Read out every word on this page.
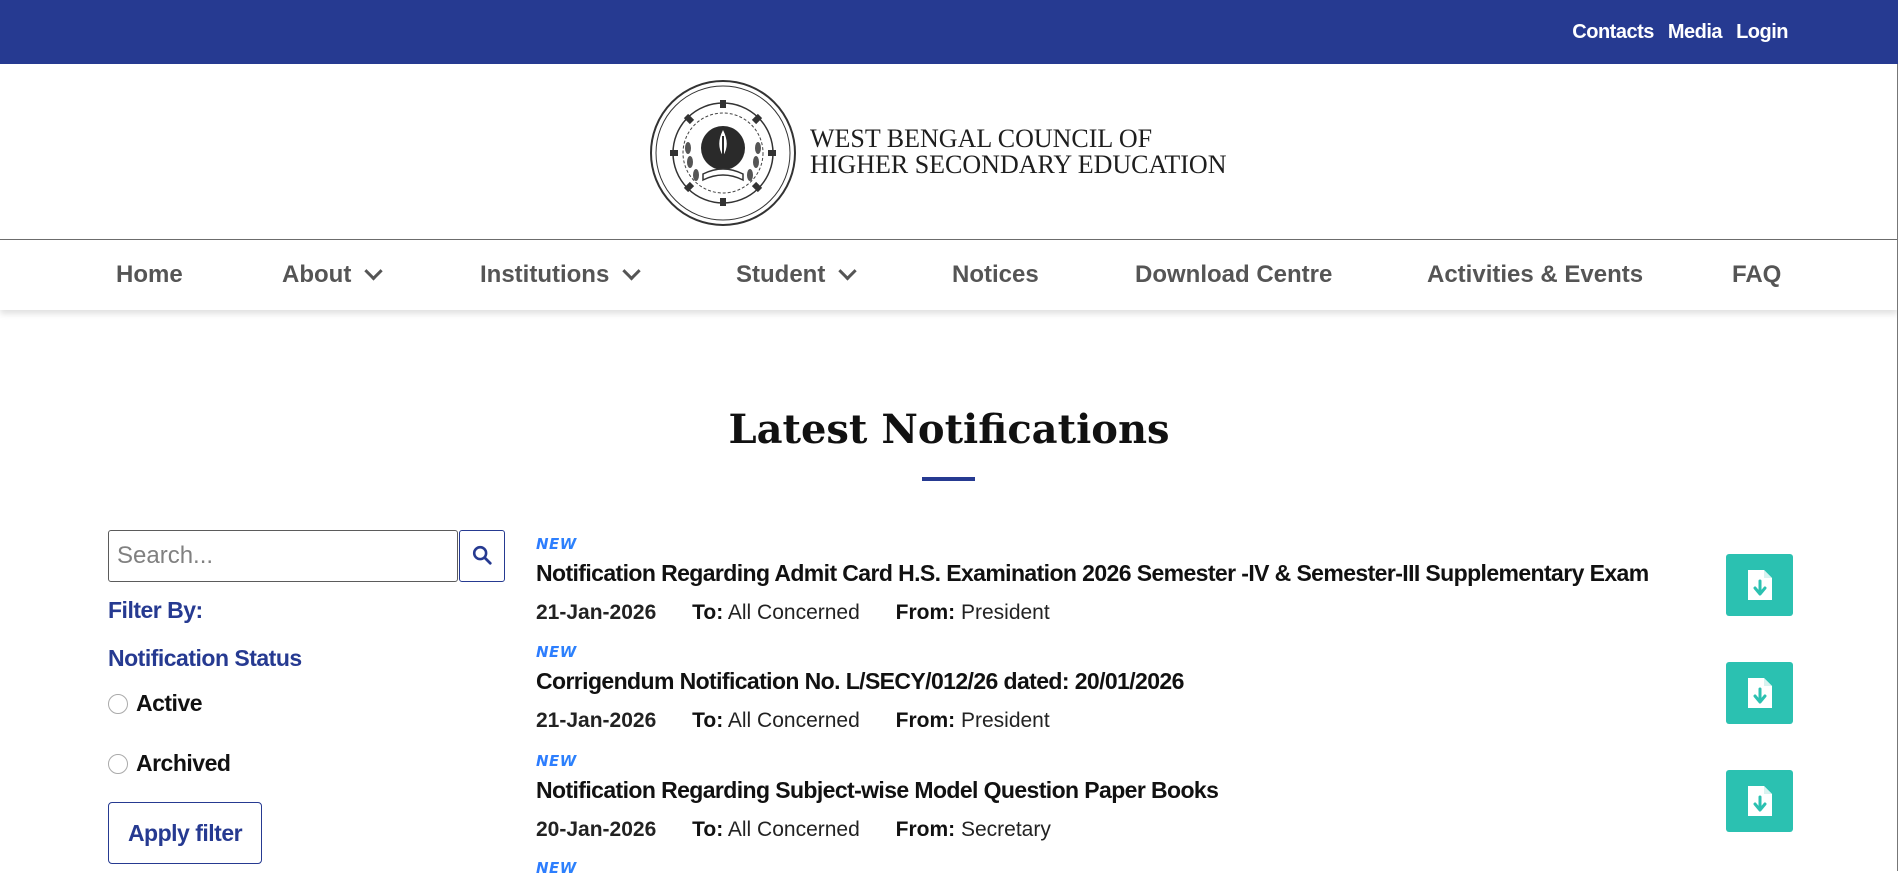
Contacts Media Login
WEST BENGAL COUNCIL OF
HIGHER SECONDARY EDUCATION
Home	About	Institutions	Student	Notices	Download Centre	Activities & Events	FAQ
Latest Notifications
Search...
Filter By:
Notification Status
Active
Archived
Apply filter
NEW
Notification Regarding Admit Card H.S. Examination 2026 Semester -IV & Semester-III Supplementary Exam
21-Jan-2026 To: All Concerned From: President
NEW
Corrigendum Notification No. L/SECY/012/26 dated: 20/01/2026
21-Jan-2026 To: All Concerned From: President
NEW
Notification Regarding Subject-wise Model Question Paper Books
20-Jan-2026 To: All Concerned From: Secretary
NEW
